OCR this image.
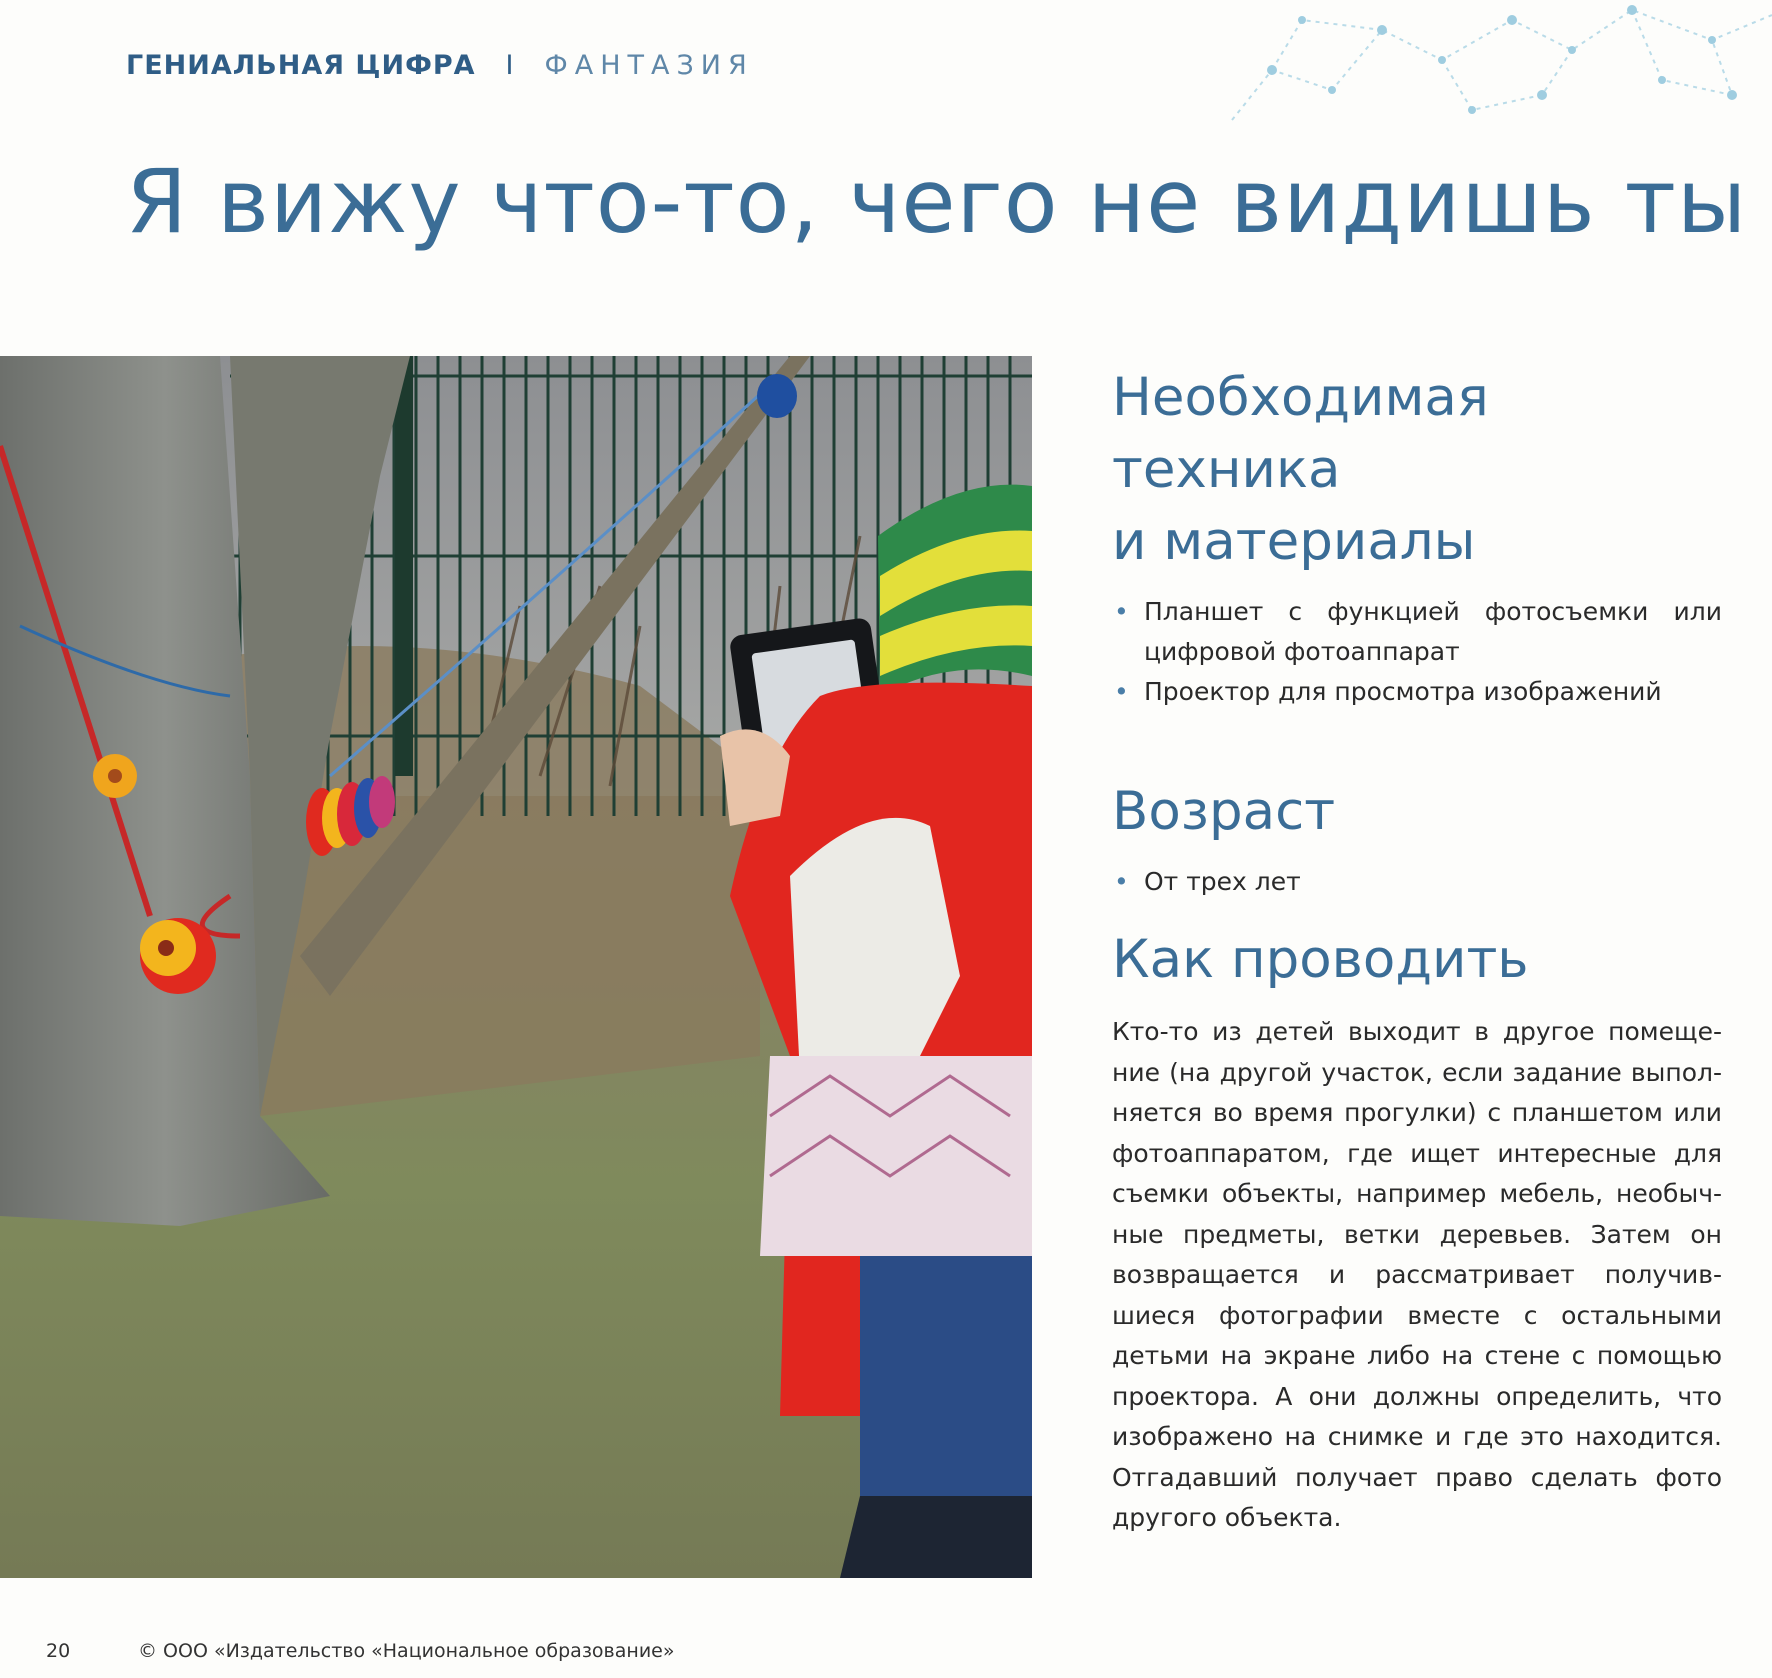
ГЕНИАЛЬНАЯ ЦИФРА I ФАНТАЗИЯ
Я вижу что-то, чего не видишь ты
Необходимая техника
и материалы
• Планшет с функцией фотосъемки или цифровой фотоаппарат
• Проектор для просмотра изображений
Возраст
• От трех лет
Как проводить

Кто-то из детей выходит в другое помещение (на другой участок, если задание выполняется во время прогулки) с планшетом или фотоаппаратом, где ищет интересные для съемки объекты, например мебель, необычные предметы, ветки деревьев. Затем он возвращается и рассматривает получившиеся фотографии вместе с остальными детьми на экране либо на стене с помощью проектора. А они должны определить, что изображено на снимке и где это находится. Отгадавший получает право сделать фото другого объекта.

20	© ООО «Издательство «Национальное образование»
